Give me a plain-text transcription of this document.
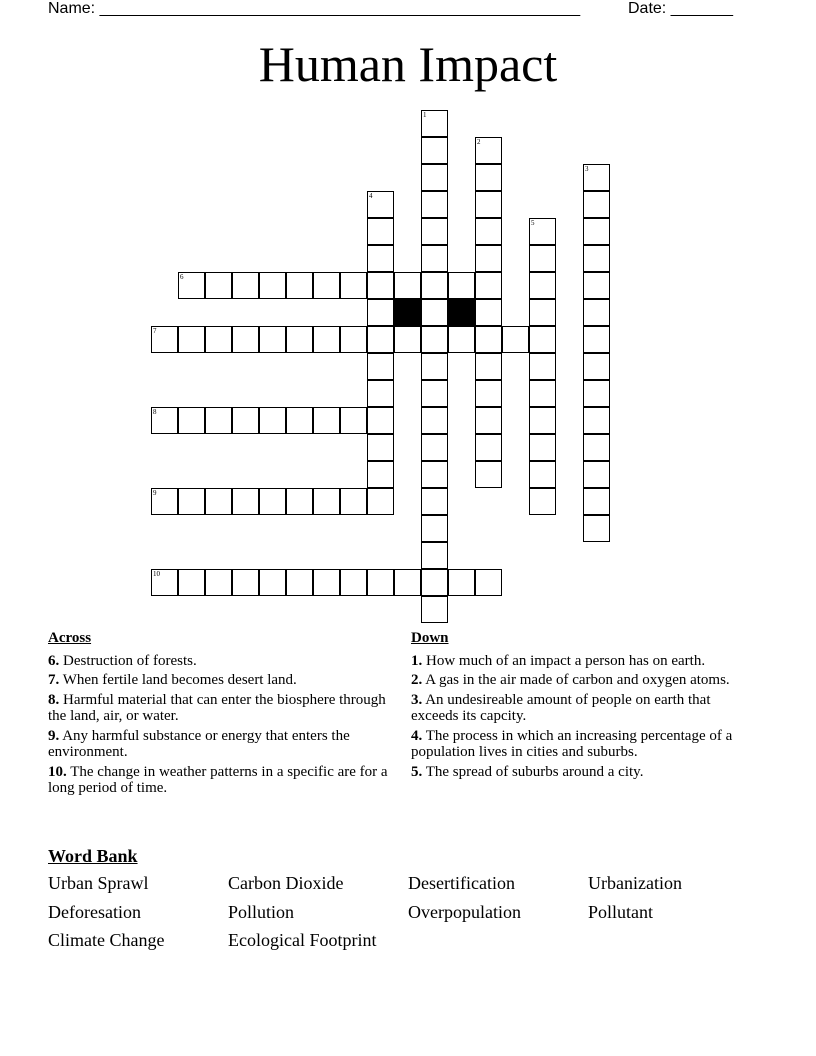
Name: ______________________________________________________	Date: _______
Human Impact
1
2
3
4
5
6
7
8
9
10
Across
6. Destruction of forests.
7. When fertile land becomes desert land.
8. Harmful material that can enter the biosphere through the land, air, or water.
9. Any harmful substance or energy that enters the environment.
10. The change in weather patterns in a specific are for a long period of time.
Down
1. How much of an impact a person has on earth.
2. A gas in the air made of carbon and oxygen atoms.
3. An undesireable amount of people on earth that exceeds its capcity.
4. The process in which an increasing percentage of a population lives in cities and suburbs.
5. The spread of suburbs around a city.
Word Bank
Urban Sprawl	Carbon Dioxide	Desertification	Urbanization
Deforesation	Pollution	Overpopulation	Pollutant
Climate Change	Ecological Footprint
